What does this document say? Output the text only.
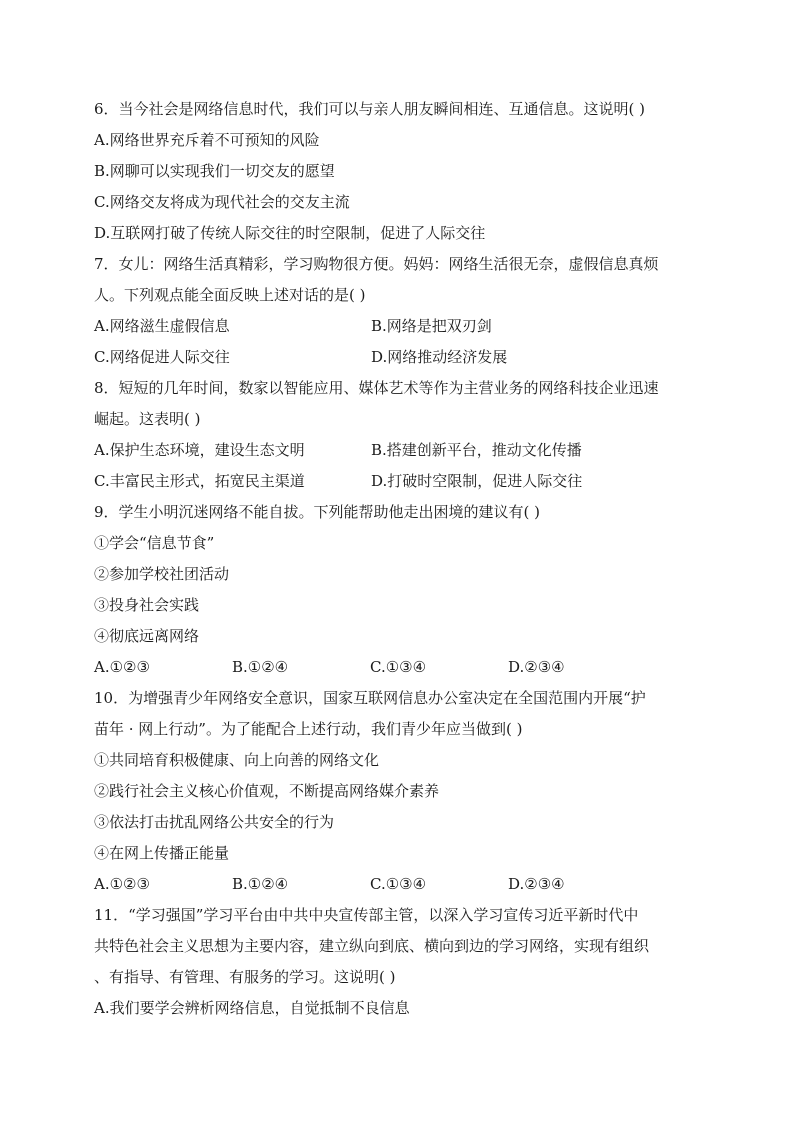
6．当今社会是网络信息时代，我们可以与亲人朋友瞬间相连、互通信息。这说明( )
A.网络世界充斥着不可预知的风险
B.网聊可以实现我们一切交友的愿望
C.网络交友将成为现代社会的交友主流
D.互联网打破了传统人际交往的时空限制，促进了人际交往
7．女儿：网络生活真精彩，学习购物很方便。妈妈：网络生活很无奈，虚假信息真烦
人。下列观点能全面反映上述对话的是( )
A.网络滋生虚假信息	B.网络是把双刃剑
C.网络促进人际交往	D.网络推动经济发展
8．短短的几年时间，数家以智能应用、媒体艺术等作为主营业务的网络科技企业迅速
崛起。这表明( )
A.保护生态环境，建设生态文明	B.搭建创新平台，推动文化传播
C.丰富民主形式，拓宽民主渠道	D.打破时空限制，促进人际交往
9．学生小明沉迷网络不能自拔。下列能帮助他走出困境的建议有( )
①学会“信息节食”
②参加学校社团活动
③投身社会实践
④彻底远离网络
A.①②③	B.①②④	C.①③④	D.②③④
10．为增强青少年网络安全意识，国家互联网信息办公室决定在全国范围内开展“护
苗年 · 网上行动”。为了能配合上述行动，我们青少年应当做到( )
①共同培育积极健康、向上向善的网络文化
②践行社会主义核心价值观，不断提高网络媒介素养
③依法打击扰乱网络公共安全的行为
④在网上传播正能量
A.①②③	B.①②④	C.①③④	D.②③④
11．“学习强国”学习平台由中共中央宣传部主管，以深入学习宣传习近平新时代中
共特色社会主义思想为主要内容，建立纵向到底、横向到边的学习网络，实现有组织
、有指导、有管理、有服务的学习。这说明( )
A.我们要学会辨析网络信息，自觉抵制不良信息
